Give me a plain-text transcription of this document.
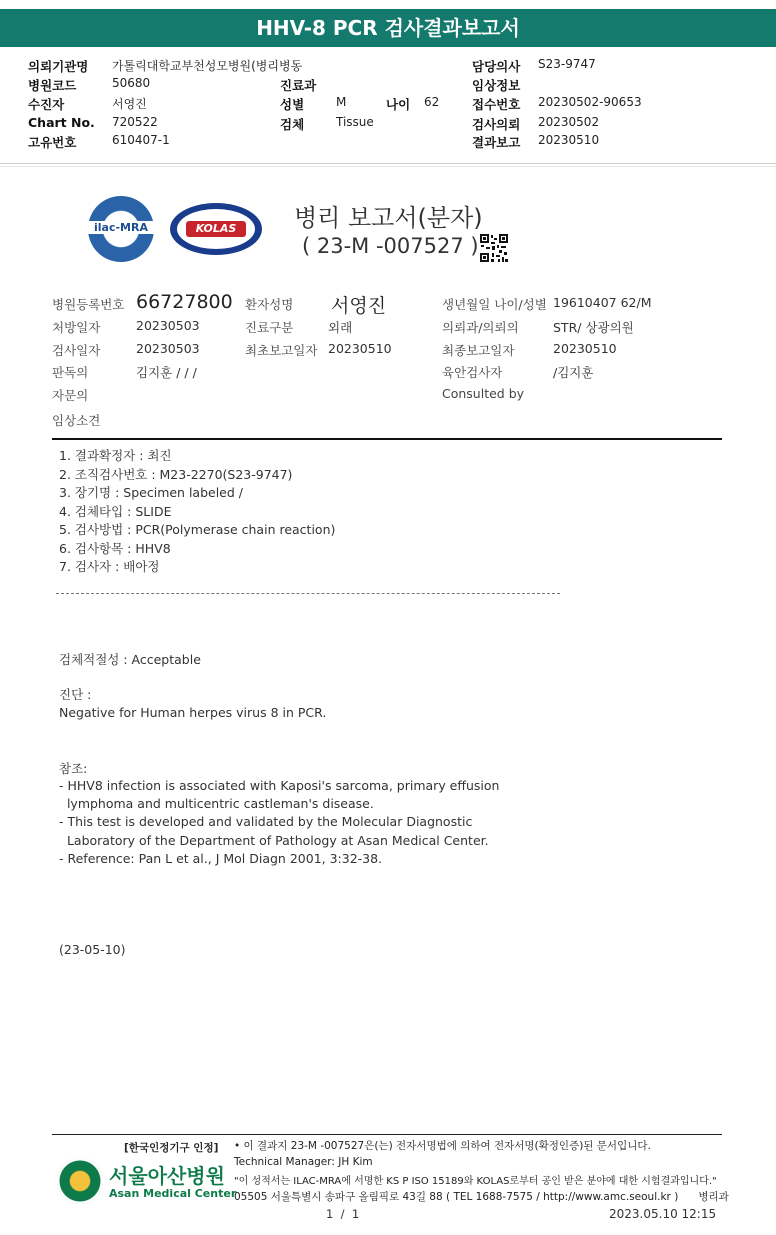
HHV-8 PCR 검사결과보고서
의뢰기관명 가톨릭대학교부천성모병원(병리병동	담당의사 S23-9747
병원코드	50680	진료과	임상정보
수진자	서영진	성별	M	나이 62	접수번호 20230502-90653
Chart No. 720522	검체	Tissue	검사의뢰 20230502
고유번호	610407-1	결과보고 20230510
ilac-MRA	KOLAS	병리 보고서(분자)
( 23-M -007527 )
병원등록번호 66727800 환자성명 서영진	생년월일 나이/성별 19610407 62/M
처방일자	20230503	진료구분	외래	의뢰과/의뢰의	STR/ 상광의원
검사일자	20230503	최초보고일자 20230510	최종보고일자	20230510
판독의	김지훈 / / /	육안검사자	/김지훈
자문의	Consulted by
임상소견
1. 결과확정자 : 최진
2. 조직검사번호 : M23-2270(S23-9747)
3. 장기명 : Specimen labeled /
4. 검체타입 : SLIDE
5. 검사방법 : PCR(Polymerase chain reaction)
6. 검사항목 : HHV8
7. 검사자 : 배아정
검체적절성 : Acceptable
진단 :
Negative for Human herpes virus 8 in PCR.
참조:
- HHV8 infection is associated with Kaposi's sarcoma, primary effusion
lymphoma and multicentric castleman's disease.
- This test is developed and validated by the Molecular Diagnostic
Laboratory of the Department of Pathology at Asan Medical Center.
- Reference: Pan L et al., J Mol Diagn 2001, 3:32-38.
(23-05-10)
[한국인정기구 인정]
서울아산병원
Asan Medical Center
• 이 결과지 23-M -007527은(는) 전자서명법에 의하여 전자서명(확정인증)된 문서입니다.
Technical Manager: JH Kim
"이 성적서는 ILAC-MRA에 서명한 KS P ISO 15189와 KOLAS로부터 공인 받은 분야에 대한 시험결과입니다."
05505 서울특별시 송파구 올림픽로 43길 88 ( TEL 1688-7575 / http://www.amc.seoul.kr )      병리과
1  /  1	2023.05.10 12:15
